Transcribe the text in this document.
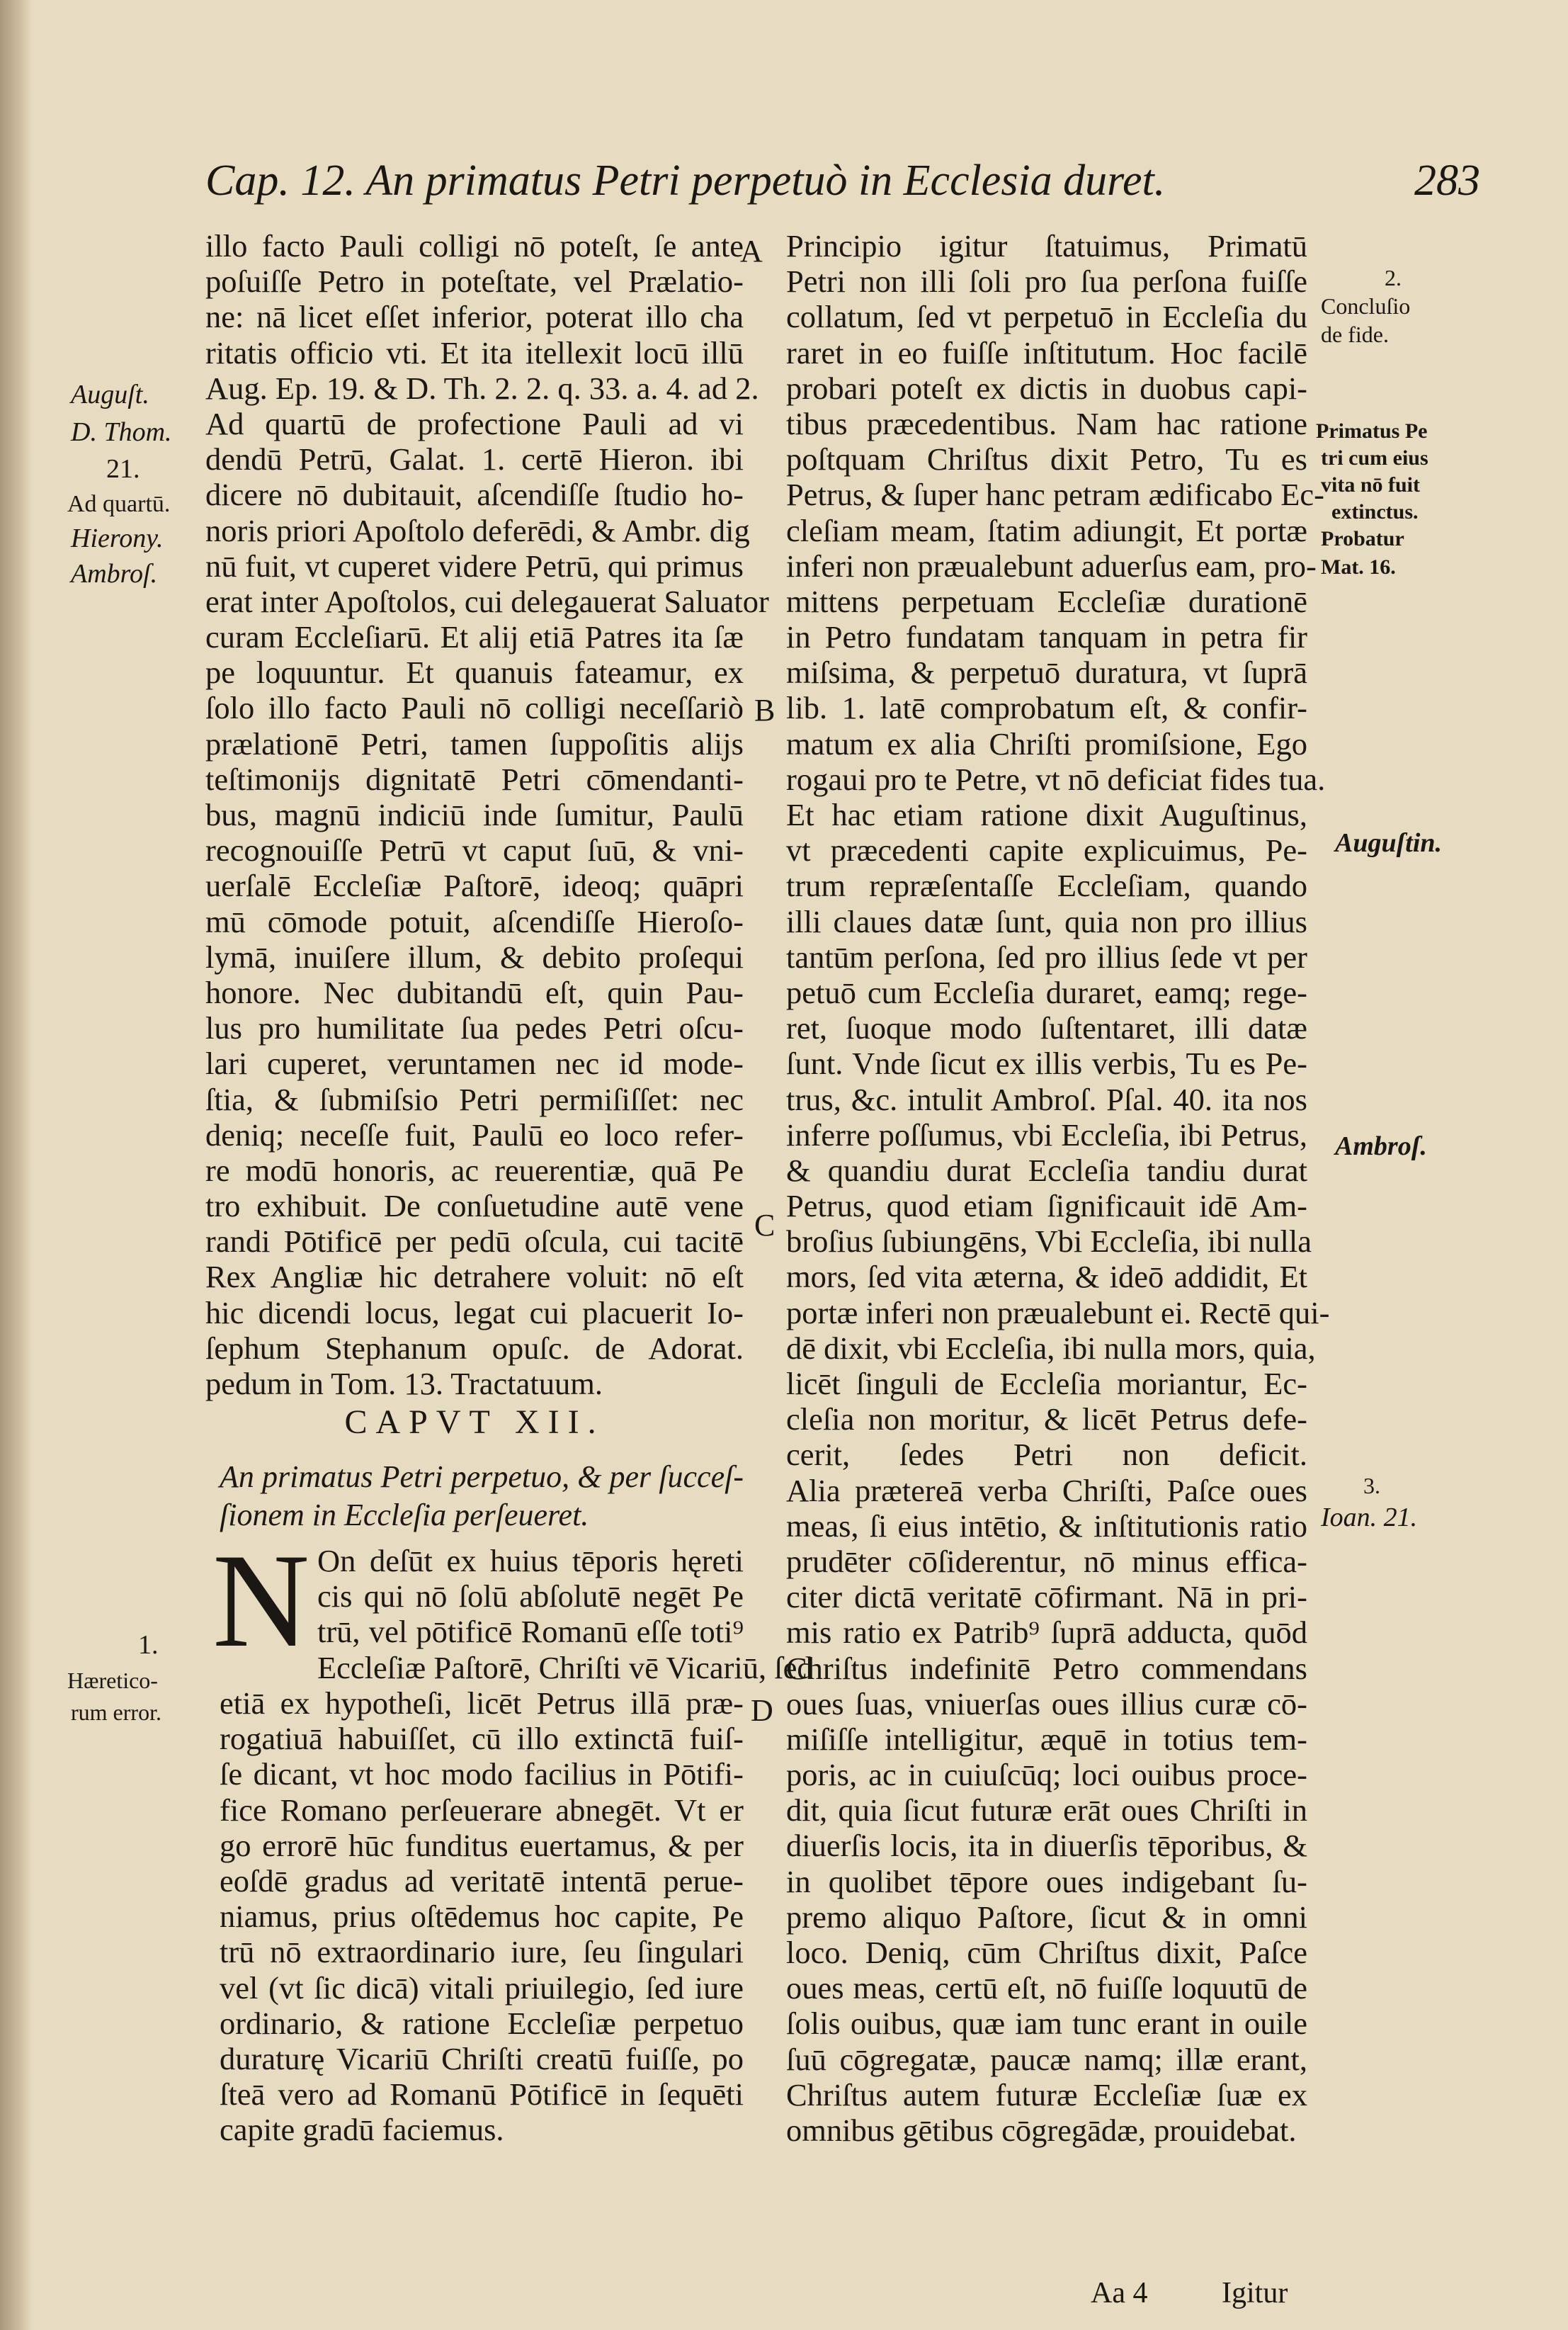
Cap. 12. An primatus Petri perpetuò in Ecclesia duret.	283
illo facto Pauli colligi nō poteſt, ſe ante
poſuiſſe Petro in poteſtate, vel Prælatio-
ne: nā licet eſſet inferior, poterat illo cha
ritatis officio vti. Et ita itellexit locū illū
Aug. Ep. 19. & D. Th. 2. 2. q. 33. a. 4. ad 2.
Ad quartū de profectione Pauli ad vi
dendū Petrū, Galat. 1. certē Hieron. ibi
dicere nō dubitauit, aſcendiſſe ſtudio ho-
noris priori Apoſtolo deferēdi, & Ambr. dig
nū fuit, vt cuperet videre Petrū, qui primus
erat inter Apoſtolos, cui delegauerat Saluator
curam Eccleſiarū. Et alij etiā Patres ita ſæ
pe loquuntur. Et quanuis fateamur, ex
ſolo illo facto Pauli nō colligi neceſſariò
prælationē Petri, tamen ſuppoſitis alijs
teſtimonijs dignitatē Petri cōmendanti-
bus, magnū indiciū inde ſumitur, Paulū
recognouiſſe Petrū vt caput ſuū, & vni-
uerſalē Eccleſiæ Paſtorē, ideoq; quāpri
mū cōmode potuit, aſcendiſſe Hieroſo-
lymā, inuiſere illum, & debito proſequi
honore. Nec dubitandū eſt, quin Pau-
lus pro humilitate ſua pedes Petri oſcu-
lari cuperet, veruntamen nec id mode-
ſtia, & ſubmiſsio Petri permiſiſſet: nec
deniq; neceſſe fuit, Paulū eo loco refer-
re modū honoris, ac reuerentiæ, quā Pe
tro exhibuit. De conſuetudine autē vene
randi Pōtificē per pedū oſcula, cui tacitē
Rex Angliæ hic detrahere voluit: nō eſt
hic dicendi locus, legat cui placuerit Io-
ſephum Stephanum opuſc. de Adorat.
pedum in Tom. 13. Tractatuum.
CAPVT XII.
An primatus Petri perpetuo, & per ſucceſ-
ſionem in Eccleſia perſeueret.
N On deſūt ex huius tēporis hęreti
cis qui nō ſolū abſolutē negēt Pe
trū, vel pōtificē Romanū eſſe toti⁹
Eccleſiæ Paſtorē, Chriſti vē Vicariū, ſed
etiā ex hypotheſi, licēt Petrus illā præ-
rogatiuā habuiſſet, cū illo extinctā fuiſ-
ſe dicant, vt hoc modo facilius in Pōtifi-
fice Romano perſeuerare abnegēt. Vt er
go errorē hūc funditus euertamus, & per
eoſdē gradus ad veritatē intentā perue-
niamus, prius oſtēdemus hoc capite, Pe
trū nō extraordinario iure, ſeu ſingulari
vel (vt ſic dicā) vitali priuilegio, ſed iure
ordinario, & ratione Eccleſiæ perpetuo
duraturę Vicariū Chriſti creatū fuiſſe, po
ſteā vero ad Romanū Pōtificē in ſequēti
capite gradū faciemus.
Principio igitur ſtatuimus, Primatū
Petri non illi ſoli pro ſua perſona fuiſſe
collatum, ſed vt perpetuō in Eccleſia du
raret in eo fuiſſe inſtitutum. Hoc facilē
probari poteſt ex dictis in duobus capi-
tibus præcedentibus. Nam hac ratione
poſtquam Chriſtus dixit Petro, Tu es
Petrus, & ſuper hanc petram ædificabo Ec-
cleſiam meam, ſtatim adiungit, Et portæ
inferi non præualebunt aduerſus eam, pro-
mittens perpetuam Eccleſiæ durationē
in Petro fundatam tanquam in petra fir
miſsima, & perpetuō duratura, vt ſuprā
lib. 1. latē comprobatum eſt, & confir-
matum ex alia Chriſti promiſsione, Ego
rogaui pro te Petre, vt nō deficiat fides tua.
Et hac etiam ratione dixit Auguſtinus,
vt præcedenti capite explicuimus, Pe-
trum repræſentaſſe Eccleſiam, quando
illi claues datæ ſunt, quia non pro illius
tantūm perſona, ſed pro illius ſede vt per
petuō cum Eccleſia duraret, eamq; rege-
ret, ſuoque modo ſuſtentaret, illi datæ
ſunt. Vnde ſicut ex illis verbis, Tu es Pe-
trus, &c. intulit Ambroſ. Pſal. 40. ita nos
inferre poſſumus, vbi Eccleſia, ibi Petrus,
& quandiu durat Eccleſia tandiu durat
Petrus, quod etiam ſignificauit idē Am-
broſius ſubiungēns, Vbi Eccleſia, ibi nulla
mors, ſed vita æterna, & ideō addidit, Et
portæ inferi non præualebunt ei. Rectē qui-
dē dixit, vbi Eccleſia, ibi nulla mors, quia,
licēt ſinguli de Eccleſia moriantur, Ec-
cleſia non moritur, & licēt Petrus defe-
cerit, ſedes Petri non deficit.
Alia prætereā verba Chriſti, Paſce oues
meas, ſi eius intētio, & inſtitutionis ratio
prudēter cōſiderentur, nō minus effica-
citer dictā veritatē cōfirmant. Nā in pri-
mis ratio ex Patrib⁹ ſuprā adducta, quōd
Chriſtus indefinitē Petro commendans
oues ſuas, vniuerſas oues illius curæ cō-
miſiſſe intelligitur, æquē in totius tem-
poris, ac in cuiuſcūq; loci ouibus proce-
dit, quia ſicut futuræ erāt oues Chriſti in
diuerſis locis, ita in diuerſis tēporibus, &
in quolibet tēpore oues indigebant ſu-
premo aliquo Paſtore, ſicut & in omni
loco. Deniq, cūm Chriſtus dixit, Paſce
oues meas, certū eſt, nō fuiſſe loquutū de
ſolis ouibus, quæ iam tunc erant in ouile
ſuū cōgregatæ, paucæ namq; illæ erant,
Chriſtus autem futuræ Eccleſiæ ſuæ ex
omnibus gētibus cōgregādæ, prouidebat.
A
B
C
D
Auguſt.
D. Thom.
21.
Ad quartū.
Hierony.
Ambroſ.
1.
Hæretico-
rum error.
2.
Concluſio
de fide.
Primatus Pe
tri cum eius
vita nō fuit
extinctus.
Probatur
Mat. 16.
Auguſtin.
Ambroſ.
3.
Ioan. 21.
Aa 4 Igitur
